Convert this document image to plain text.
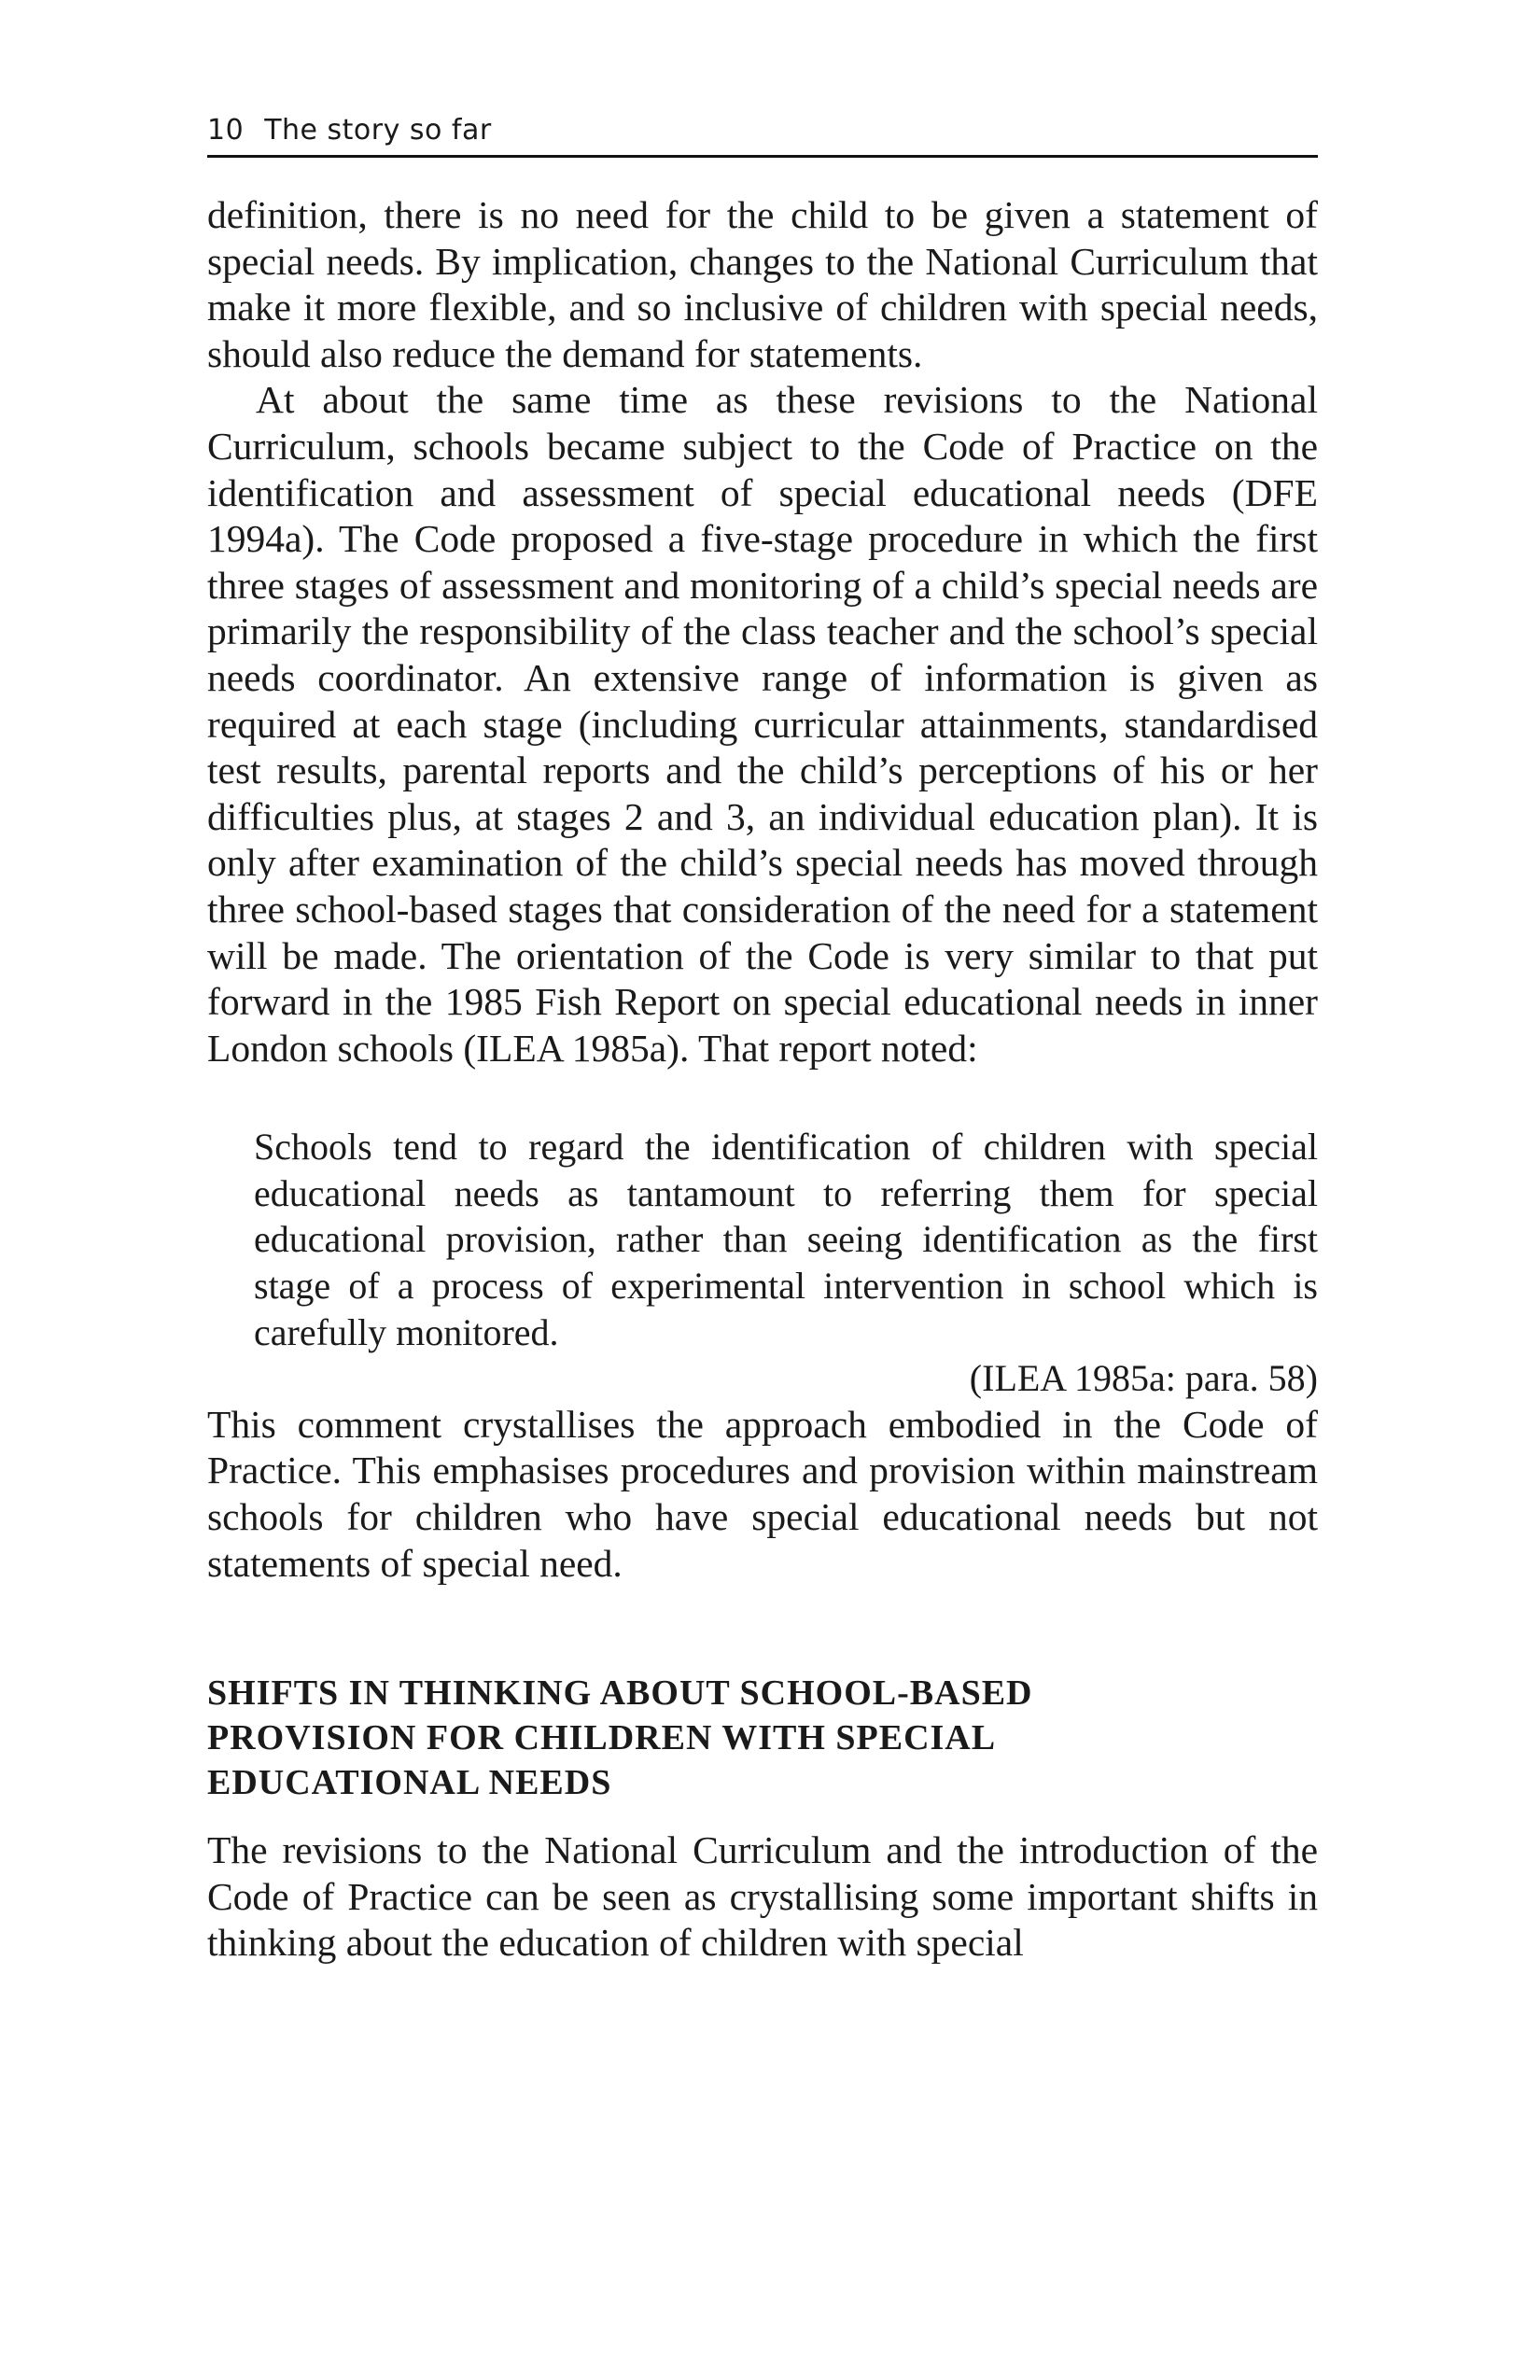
10 The story so far

definition, there is no need for the child to be given a statement of special needs. By implication, changes to the National Curriculum that make it more flexible, and so inclusive of children with special needs, should also reduce the demand for statements.

At about the same time as these revisions to the National Curriculum, schools became subject to the Code of Practice on the identification and assessment of special educational needs (DFE 1994a). The Code proposed a five-stage procedure in which the first three stages of assessment and monitoring of a child’s special needs are primarily the responsibility of the class teacher and the school’s special needs coordinator. An extensive range of information is given as required at each stage (including curricular attainments, standardised test results, parental reports and the child’s perceptions of his or her difficulties plus, at stages 2 and 3, an individual education plan). It is only after examination of the child’s special needs has moved through three school-based stages that consideration of the need for a statement will be made. The orientation of the Code is very similar to that put forward in the 1985 Fish Report on special educational needs in inner London schools (ILEA 1985a). That report noted:

Schools tend to regard the identification of children with special educational needs as tantamount to referring them for special educational provision, rather than seeing identification as the first stage of a process of experimental intervention in school which is carefully monitored.

(ILEA 1985a: para. 58)

This comment crystallises the approach embodied in the Code of Practice. This emphasises procedures and provision within mainstream schools for children who have special educational needs but not statements of special need.

SHIFTS IN THINKING ABOUT SCHOOL-BASED PROVISION FOR CHILDREN WITH SPECIAL EDUCATIONAL NEEDS

The revisions to the National Curriculum and the introduction of the Code of Practice can be seen as crystallising some important shifts in thinking about the education of children with special
